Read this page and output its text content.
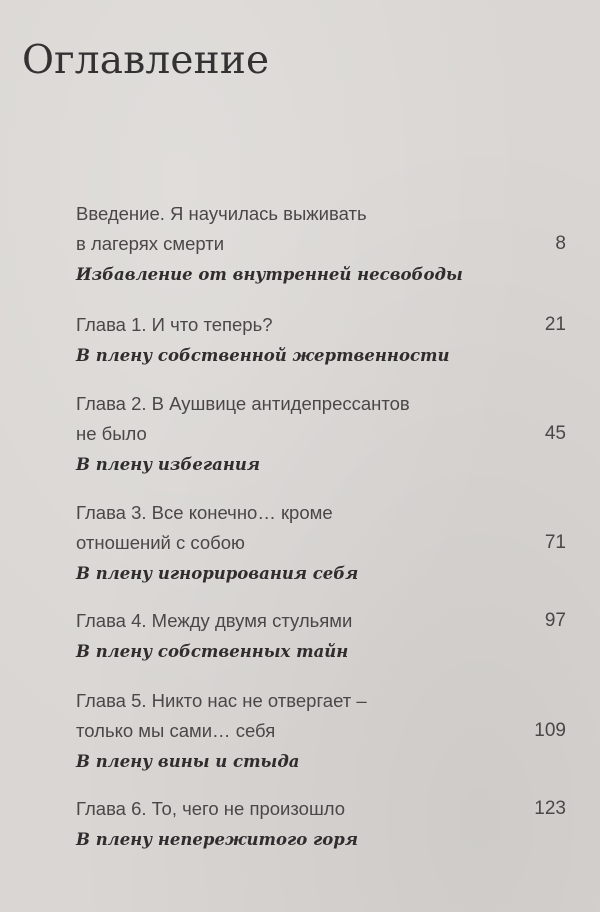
Оглавление
Введение. Я научилась выживать
в лагерях смерти	8
Избавление от внутренней несвободы
Глава 1. И что теперь?	21
В плену собственной жертвенности
Глава 2. В Аушвице антидепрессантов
не было	45
В плену избегания
Глава 3. Все конечно… кроме
отношений с собою	71
В плену игнорирования себя
Глава 4. Между двумя стульями	97
В плену собственных тайн
Глава 5. Никто нас не отвергает –
только мы сами… себя	109
В плену вины и стыда
Глава 6. То, чего не произошло	123
В плену непережитого горя
